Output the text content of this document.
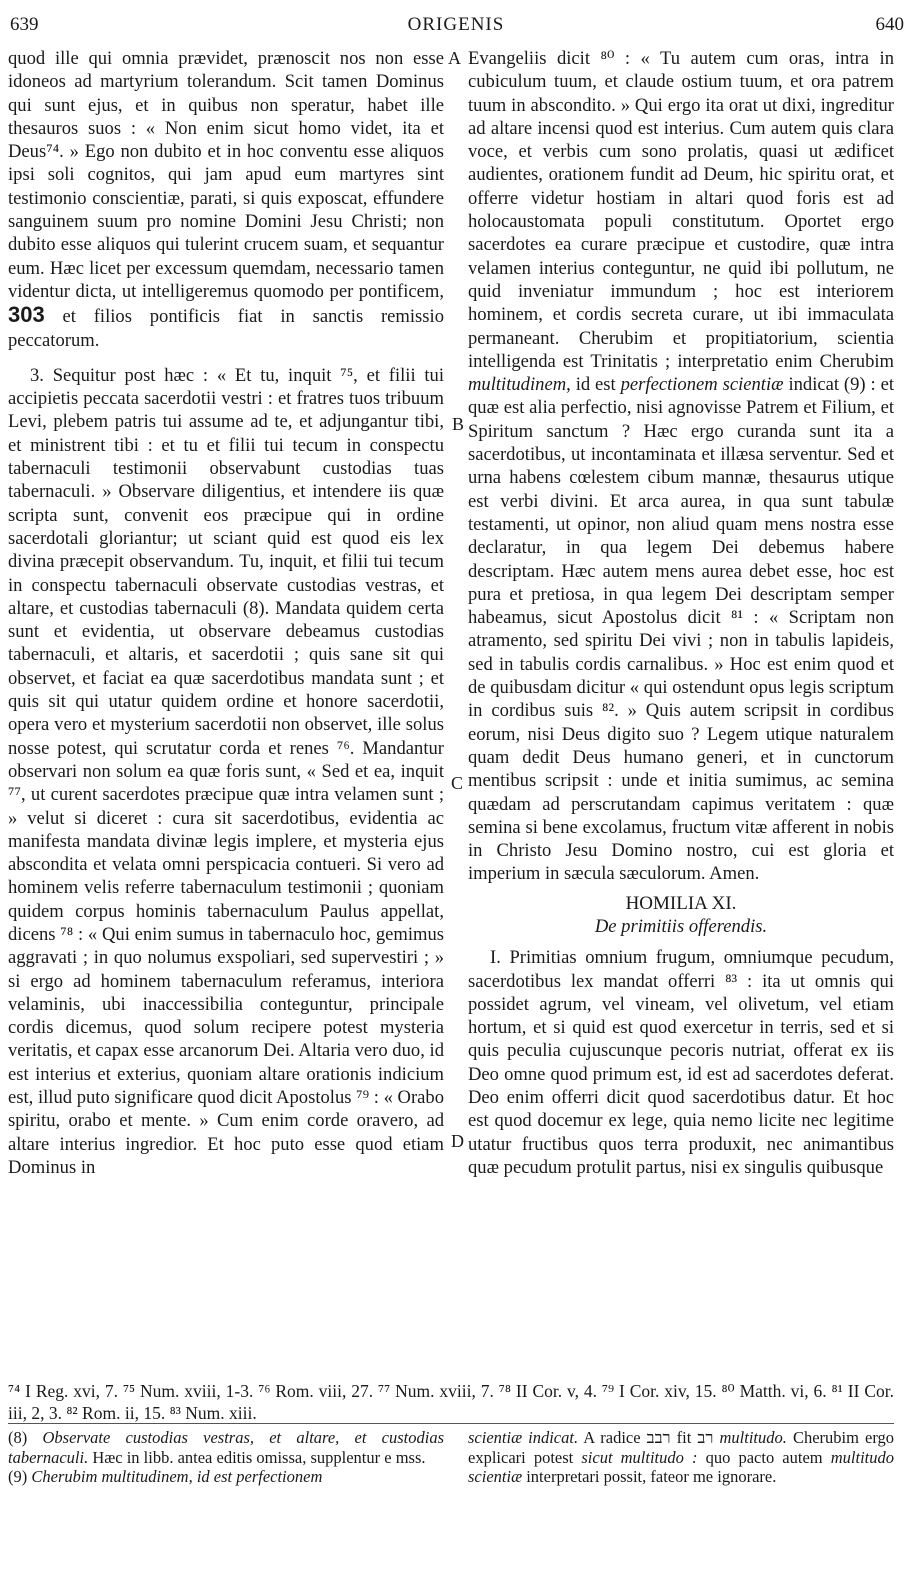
639	ORIGENIS	640

quod ille qui omnia prævidet, prænoscit nos non esse idoneos ad martyrium tolerandum. Scit tamen Dominus qui sunt ejus, et in quibus non speratur, habet ille thesauros suos : « Non enim sicut homo videt, ita et Deus⁷⁴. » Ego non dubito et in hoc conventu esse aliquos ipsi soli cognitos, qui jam apud eum martyres sint testimonio conscientiæ, parati, si quis exposcat, effundere sanguinem suum pro nomine Domini Jesu Christi; non dubito esse aliquos qui tulerint crucem suam, et sequantur eum. Hæc licet per excessum quemdam, necessario tamen videntur dicta, ut intelligeremus quomodo per pontificem, 303 et filios pontificis fiat in sanctis remissio peccatorum.

3. Sequitur post hæc : « Et tu, inquit ⁷⁵, et filii tui accipietis peccata sacerdotii vestri : et fratres tuos tribuum Levi, plebem patris tui assume ad te, et adjungantur tibi, et ministrent tibi : et tu et filii tui tecum in conspectu tabernaculi testimonii observabunt custodias tuas tabernaculi. » Observare diligentius, et intendere iis quæ scripta sunt, convenit eos præcipue qui in ordine sacerdotali gloriantur; ut sciant quid est quod eis lex divina præcepit observandum. Tu, inquit, et filii tui tecum in conspectu tabernaculi observate custodias vestras, et altare, et custodias tabernaculi (8). Mandata quidem certa sunt et evidentia, ut observare debeamus custodias tabernaculi, et altaris, et sacerdotii ; quis sane sit qui observet, et faciat ea quæ sacerdotibus mandata sunt ; et quis sit qui utatur quidem ordine et honore sacerdotii, opera vero et mysterium sacerdotii non observet, ille solus nosse potest, qui scrutatur corda et renes ⁷⁶. Mandantur observari non solum ea quæ foris sunt, « Sed et ea, inquit ⁷⁷, ut curent sacerdotes præcipue quæ intra velamen sunt ; » velut si diceret : cura sit sacerdotibus, evidentia ac manifesta mandata divinæ legis implere, et mysteria ejus abscondita et velata omni perspicacia contueri. Si vero ad hominem velis referre tabernaculum testimonii ; quoniam quidem corpus hominis tabernaculum Paulus appellat, dicens ⁷⁸ : « Qui enim sumus in tabernaculo hoc, gemimus aggravati ; in quo nolumus exspoliari, sed supervestiri ; » si ergo ad hominem tabernaculum referamus, interiora velaminis, ubi inaccessibilia conteguntur, principale cordis dicemus, quod solum recipere potest mysteria veritatis, et capax esse arcanorum Dei. Altaria vero duo, id est interius et exterius, quoniam altare orationis indicium est, illud puto significare quod dicit Apostolus ⁷⁹ : « Orabo spiritu, orabo et mente. » Cum enim corde oravero, ad altare interius ingredior. Et hoc puto esse quod etiam Dominus in

A
B
C
D

Evangeliis dicit ⁸⁰ : « Tu autem cum oras, intra in cubiculum tuum, et claude ostium tuum, et ora patrem tuum in abscondito. » Qui ergo ita orat ut dixi, ingreditur ad altare incensi quod est interius. Cum autem quis clara voce, et verbis cum sono prolatis, quasi ut ædificet audientes, orationem fundit ad Deum, hic spiritu orat, et offerre videtur hostiam in altari quod foris est ad holocaustomata populi constitutum. Oportet ergo sacerdotes ea curare præcipue et custodire, quæ intra velamen interius conteguntur, ne quid ibi pollutum, ne quid inveniatur immundum ; hoc est interiorem hominem, et cordis secreta curare, ut ibi immaculata permaneant. Cherubim et propitiatorium, scientia intelligenda est Trinitatis ; interpretatio enim Cherubim multitudinem, id est perfectionem scientiæ indicat (9) : et quæ est alia perfectio, nisi agnovisse Patrem et Filium, et Spiritum sanctum ? Hæc ergo curanda sunt ita a sacerdotibus, ut incontaminata et illæsa serventur. Sed et urna habens cœlestem cibum mannæ, thesaurus utique est verbi divini. Et arca aurea, in qua sunt tabulæ testamenti, ut opinor, non aliud quam mens nostra esse declaratur, in qua legem Dei debemus habere descriptam. Hæc autem mens aurea debet esse, hoc est pura et pretiosa, in qua legem Dei descriptam semper habeamus, sicut Apostolus dicit ⁸¹ : « Scriptam non atramento, sed spiritu Dei vivi ; non in tabulis lapideis, sed in tabulis cordis carnalibus. » Hoc est enim quod et de quibusdam dicitur « qui ostendunt opus legis scriptum in cordibus suis ⁸². » Quis autem scripsit in cordibus eorum, nisi Deus digito suo ? Legem utique naturalem quam dedit Deus humano generi, et in cunctorum mentibus scripsit : unde et initia sumimus, ac semina quædam ad perscrutandam capimus veritatem : quæ semina si bene excolamus, fructum vitæ afferent in nobis in Christo Jesu Domino nostro, cui est gloria et imperium in sæcula sæculorum. Amen.

HOMILIA XI.
De primitiis offerendis.

I. Primitias omnium frugum, omniumque pecudum, sacerdotibus lex mandat offerri ⁸³ : ita ut omnis qui possidet agrum, vel vineam, vel olivetum, vel etiam hortum, et si quid est quod exercetur in terris, sed et si quis peculia cujuscunque pecoris nutriat, offerat ex iis Deo omne quod primum est, id est ad sacerdotes deferat. Deo enim offerri dicit quod sacerdotibus datur. Et hoc est quod docemur ex lege, quia nemo licite nec legitime utatur fructibus quos terra produxit, nec animantibus quæ pecudum protulit partus, nisi ex singulis quibusque

⁷⁴ I Reg. xvi, 7. ⁷⁵ Num. xviii, 1-3. ⁷⁶ Rom. viii, 27. ⁷⁷ Num. xviii, 7. ⁷⁸ II Cor. v, 4. ⁷⁹ I Cor. xiv, 15. ⁸⁰ Matth. vi, 6. ⁸¹ II Cor. iii, 2, 3. ⁸² Rom. ii, 15. ⁸³ Num. xiii.

(8) Observate custodias vestras, et altare, et custodias tabernaculi. Hæc in libb. antea editis omissa, supplentur e mss.

(9) Cherubim multitudinem, id est perfectionem

scientiæ indicat. A radice רבב fit רב multitudo. Cherubim ergo explicari potest sicut multitudo : quo pacto autem multitudo scientiæ interpretari possit, fateor me ignorare.
